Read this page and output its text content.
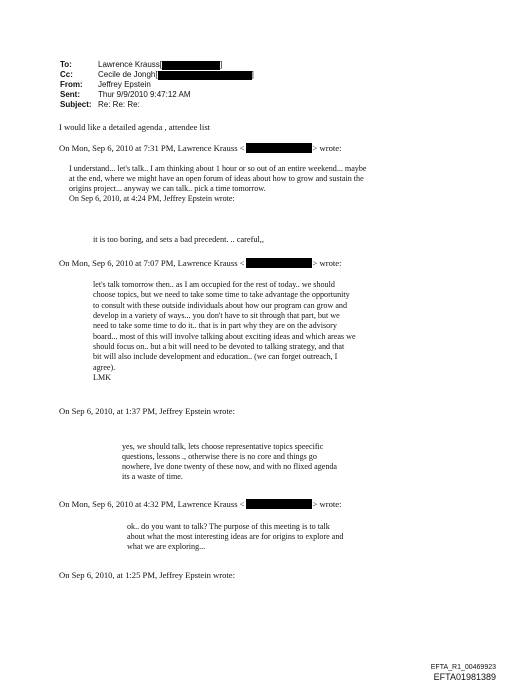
To:	Lawrence Krauss[	]
Cc:	Cecile de Jongh[	]
From:	Jeffrey Epstein
Sent:	Thur 9/9/2010 9:47:12 AM
Subject: Re: Re: Re:
I would like a detailed agenda , attendee list
On Mon, Sep 6, 2010 at 7:31 PM, Lawrence Krauss <	> wrote:

I understand... let's talk.. I am thinking about 1 hour or so out of an entire weekend... maybe

at the end, where we might have an open forum of ideas about how to grow and sustain the

origins project... anyway we can talk.. pick a time tomorrow.

On Sep 6, 2010, at 4:24 PM, Jeffrey Epstein wrote:

it is too boring, and sets a bad precedent. .. careful,,
On Mon, Sep 6, 2010 at 7:07 PM, Lawrence Krauss <	> wrote:

let's talk tomorrow then.. as I am occupied for the rest of today.. we should

choose topics, but we need to take some time to take advantage the opportunity

to consult with these outside individuals about how our program can grow and

develop in a variety of ways... you don't have to sit through that part, but we

need to take some time to do it.. that is in part why they are on the advisory

board... most of this will involve talking about exciting ideas and which areas we

should focus on.. but a bit will need to be devoted to talking strategy, and that

bit will also include development and education.. (we can forget outreach, I

agree).

LMK

On Sep 6, 2010, at 1:37 PM, Jeffrey Epstein wrote:

yes, we should talk, lets choose representative topics speecific

questions, lessons ., otherwise there is no core and things go

nowhere, Ive done twenty of these now, and with no flixed agenda

its a waste of time.

On Mon, Sep 6, 2010 at 4:32 PM, Lawrence Krauss <	> wrote:

ok.. do you want to talk? The purpose of this meeting is to talk

about what the most interesting ideas are for origins to explore and

what we are exploring...

On Sep 6, 2010, at 1:25 PM, Jeffrey Epstein wrote:
EFTA_R1_00469923
EFTA01981389
